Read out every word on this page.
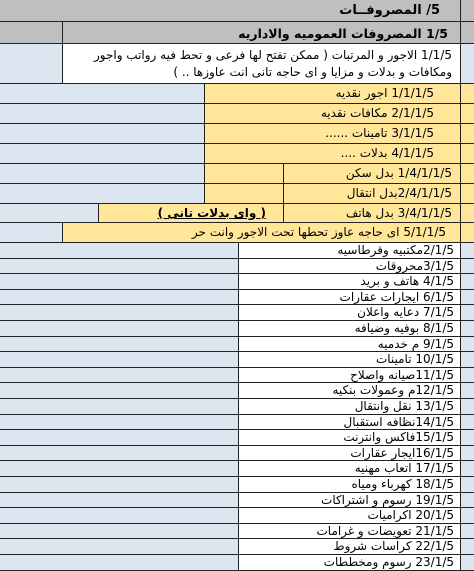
5/ المصروفــات
1/5 المصروفات العموميه والاداريه
1/1/5 الاجور و المرتبات ( ممكن تفتح لها فرعى و تحط فيه رواتب واجور
ومكافات و بدلات و مزايا و اى حاجه تانى انت عاوزها .. )
1/1/1/5 اجور نقديه
2/1/1/5 مكافات نقديه
3/1/1/5 تامينات ......
4/1/1/5 بدلات ....
1/4/1/1/5 بدل سكن
2/4/1/1/5بدل انتقال
3/4/1/1/5 بدل هاتف
( واى بدلات تانى )
5/1/1/5 اى حاجه عاوز تحطها تحت الاجور وانت حر
2/1/5مكتبيه وقرطاسيه
3/1/5محروقات
4/1/5 هاتف و بريد
6/1/5 ايجارات عقارات
7/1/5 دعايه واعلان
8/1/5 بوفيه وضيافه
9/1/5 م خدميه
10/1/5 تامينات
11/1/5صيانه واصلاح
12/1/5م وعمولات بنكيه
13/1/5 نقل وانتقال
14/1/5نظافه استقبال
15/1/5فاكس وانترنت
16/1/5ايجار عقارات
17/1/5 اتعاب مهنيه
18/1/5 كهرباء ومياه
19/1/5 رسوم و اشتراكات
20/1/5 اكراميات
21/1/5 تعويضات و غرامات
22/1/5 كراسات شروط
23/1/5 رسوم ومخططات
